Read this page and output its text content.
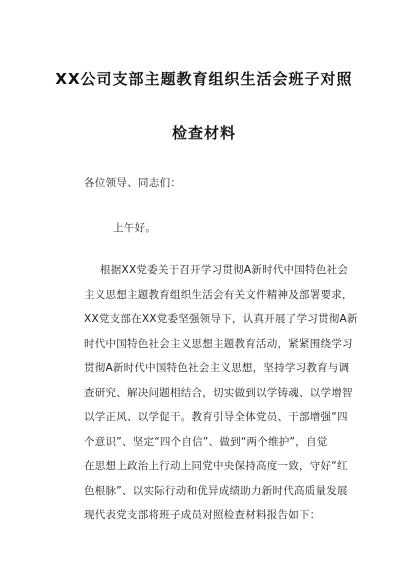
XX公司支部主题教育组织生活会班子对照
检查材料
各位领导、同志们：
上午好。
根据XX党委关于召开学习贯彻A新时代中国特色社会
主义思想主题教育组织生活会有关文件精神及部署要求，
XX党支部在XX党委坚强领导下，认真开展了学习贯彻A新
时代中国特色社会主义思想主题教育活动，紧紧围绕学习
贯彻A新时代中国特色社会主义思想，坚持学习教育与调
查研究、解决问题相结合，切实做到以学铸魂、以学增智
以学正风、以学促干。教育引导全体党员、干部增强“四
个意识”、坚定“四个自信”、做到“两个维护”，自觉
在思想上政治上行动上同党中央保持高度一致，守好“红
色根脉”、以实际行动和优异成绩助力新时代高质量发展
现代表党支部将班子成员对照检查材料报告如下：
